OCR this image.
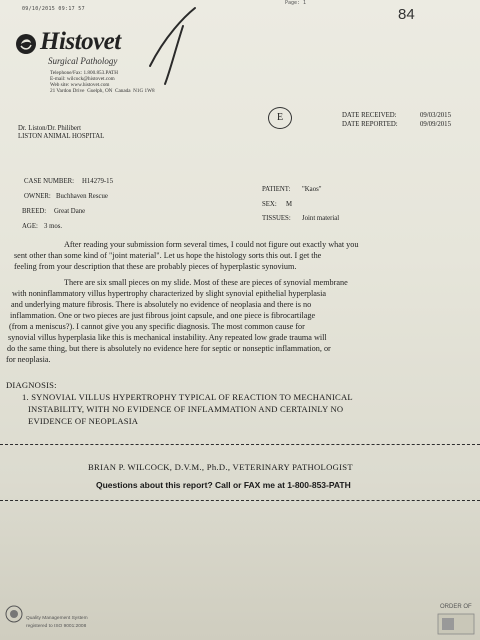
09/10/2015 09:17 57
Page: 1
84
Histovet
Surgical Pathology
Telephone/Fax: 1.800.853.PATH
E-mail: wilcock@histovet.com
Web site: www.histovet.com
21 Vardon Drive  Guelph, ON  Canada  N1G 1W8
E
Dr. Liston/Dr. Philibert
LISTON ANIMAL HOSPITAL
DATE RECEIVED:	09/03/2015
DATE REPORTED:	09/09/2015
CASE NUMBER: H14279-15
OWNER: Buchhaven Rescue
BREED: Great Dane
AGE: 3 mos.
PATIENT: "Kaos"
SEX: M
TISSUES: Joint material
After reading your submission form several times, I could not figure out exactly what you
sent other than some kind of "joint material". Let us hope the histology sorts this out. I get the
feeling from your description that these are probably pieces of hyperplastic synovium.
There are six small pieces on my slide. Most of these are pieces of synovial membrane
with noninflammatory villus hypertrophy characterized by slight synovial epithelial hyperplasia
and underlying mature fibrosis. There is absolutely no evidence of neoplasia and there is no
inflammation. One or two pieces are just fibrous joint capsule, and one piece is fibrocartilage
(from a meniscus?). I cannot give you any specific diagnosis. The most common cause for
synovial villus hyperplasia like this is mechanical instability. Any repeated low grade trauma will
do the same thing, but there is absolutely no evidence here for septic or nonseptic inflammation, or
for neoplasia.
DIAGNOSIS:
1. SYNOVIAL VILLUS HYPERTROPHY TYPICAL OF REACTION TO MECHANICAL
INSTABILITY, WITH NO EVIDENCE OF INFLAMMATION AND CERTAINLY NO
EVIDENCE OF NEOPLASIA
BRIAN P. WILCOCK, D.V.M., Ph.D., VETERINARY PATHOLOGIST
Questions about this report? Call or FAX me at 1-800-853-PATH
Quality Management System
registered to ISO 9001:2008
ORDER OF
